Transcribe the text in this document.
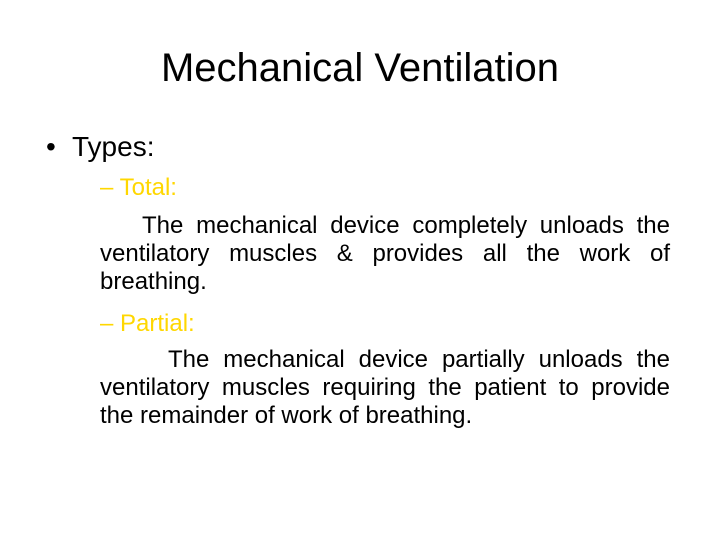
Mechanical Ventilation
• Types:
– Total:
The mechanical device completely unloads the ventilatory muscles & provides all the work of breathing.
– Partial:
The mechanical device partially unloads the ventilatory muscles requiring the patient to provide the remainder of work of breathing.
